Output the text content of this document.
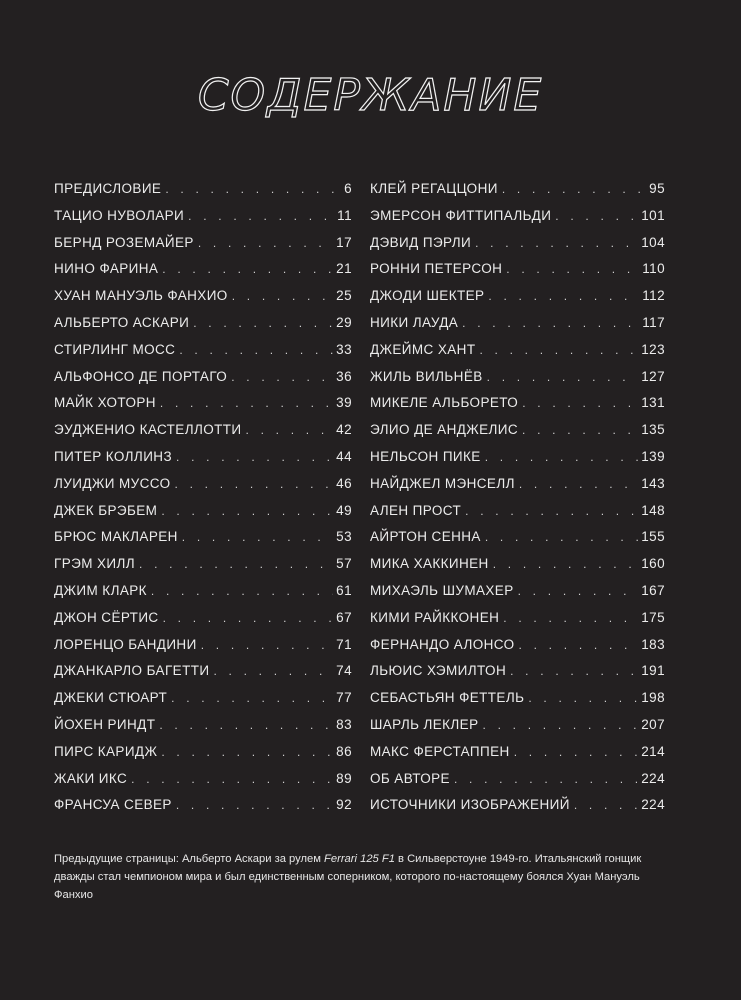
СОДЕРЖАНИЕ
ПРЕДИСЛОВИЕ . . .	6
ТАЦИО НУВОЛАРИ . . .	11
БЕРНД РОЗЕМАЙЕР . . .	17
НИНО ФАРИНА . . .	21
ХУАН МАНУЭЛЬ ФАНХИО . . .	25
АЛЬБЕРТО АСКАРИ . . .	29
СТИРЛИНГ МОСС . . .	33
АЛЬФОНСО ДЕ ПОРТАГО . . .	36
МАЙК ХОТОРН . . .	39
ЭУДЖЕНИО КАСТЕЛЛОТТИ . . .	42
ПИТЕР КОЛЛИНЗ . . .	44
ЛУИДЖИ МУССО . . .	46
ДЖЕК БРЭБЕМ . . .	49
БРЮС МАКЛАРЕН . . .	53
ГРЭМ ХИЛЛ . . .	57
ДЖИМ КЛАРК . . .	61
ДЖОН СЁРТИС . . .	67
ЛОРЕНЦО БАНДИНИ . . .	71
ДЖАНКАРЛО БАГЕТТИ . . .	74
ДЖЕКИ СТЮАРТ . . .	77
ЙОХЕН РИНДТ . . .	83
ПИРС КАРИДЖ . . .	86
ЖАКИ ИКС . . .	89
ФРАНСУА СЕВЕР . . .	92
КЛЕЙ РЕГАЦЦОНИ . . .	95
ЭМЕРСОН ФИТТИПАЛЬДИ . . .	101
ДЭВИД ПЭРЛИ . . .	104
РОННИ ПЕТЕРСОН . . .	110
ДЖОДИ ШЕКТЕР . . .	112
НИКИ ЛАУДА . . .	117
ДЖЕЙМС ХАНТ . . .	123
ЖИЛЬ ВИЛЬНЁВ . . .	127
МИКЕЛЕ АЛЬБОРЕТО . . .	131
ЭЛИО ДЕ АНДЖЕЛИС . . .	135
НЕЛЬСОН ПИКЕ . . .	139
НАЙДЖЕЛ МЭНСЕЛЛ . . .	143
АЛЕН ПРОСТ . . .	148
АЙРТОН СЕННА . . .	155
МИКА ХАККИНЕН . . .	160
МИХАЭЛЬ ШУМАХЕР . . .	167
КИМИ РАЙККОНЕН . . .	175
ФЕРНАНДО АЛОНСО . . .	183
ЛЬЮИС ХЭМИЛТОН . . .	191
СЕБАСТЬЯН ФЕТТЕЛЬ . . .	198
ШАРЛЬ ЛЕКЛЕР . . .	207
МАКС ФЕРСТАППЕН . . .	214
ОБ АВТОРЕ . . .	224
ИСТОЧНИКИ ИЗОБРАЖЕНИЙ . . .	224

Предыдущие страницы: Альберто Аскари за рулем Ferrari 125 F1 в Сильверстоуне 1949-го. Итальянский гонщик дважды стал чемпионом мира и был единственным соперником, которого по-настоящему боялся Хуан Мануэль Фанхио
